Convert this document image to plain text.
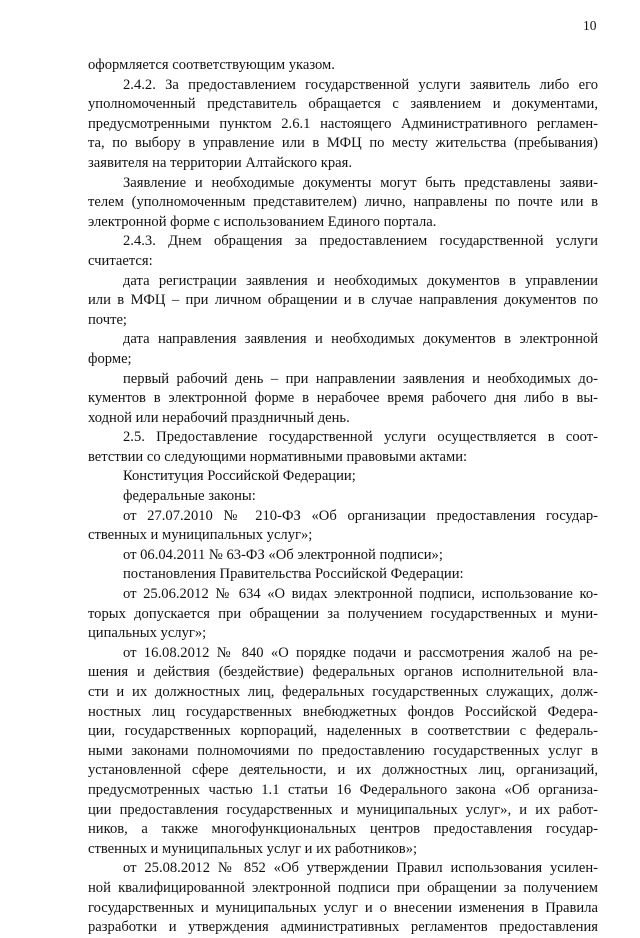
10
оформляется соответствующим указом.
2.4.2. За предоставлением государственной услуги заявитель либо его
уполномоченный представитель обращается с заявлением и документами,
предусмотренными пунктом 2.6.1 настоящего Административного регламен-
та, по выбору в управление или в МФЦ по месту жительства (пребывания)
заявителя на территории Алтайского края.
Заявление и необходимые документы могут быть представлены заяви-
телем (уполномоченным представителем) лично, направлены по почте или в
электронной форме с использованием Единого портала.
2.4.3. Днем обращения за предоставлением государственной услуги
считается:
дата регистрации заявления и необходимых документов в управлении
или в МФЦ – при личном обращении и в случае направления документов по
почте;
дата направления заявления и необходимых документов в электронной
форме;
первый рабочий день – при направлении заявления и необходимых до-
кументов в электронной форме в нерабочее время рабочего дня либо в вы-
ходной или нерабочий праздничный день.
2.5. Предоставление государственной услуги осуществляется в соот-
ветствии со следующими нормативными правовыми актами:
Конституция Российской Федерации;
федеральные законы:
от 27.07.2010 № 210-ФЗ «Об организации предоставления государ-
ственных и муниципальных услуг»;
от 06.04.2011 № 63-ФЗ «Об электронной подписи»;
постановления Правительства Российской Федерации:
от 25.06.2012 № 634 «О видах электронной подписи, использование ко-
торых допускается при обращении за получением государственных и муни-
ципальных услуг»;
от 16.08.2012 № 840 «О порядке подачи и рассмотрения жалоб на ре-
шения и действия (бездействие) федеральных органов исполнительной вла-
сти и их должностных лиц, федеральных государственных служащих, долж-
ностных лиц государственных внебюджетных фондов Российской Федера-
ции, государственных корпораций, наделенных в соответствии с федераль-
ными законами полномочиями по предоставлению государственных услуг в
установленной сфере деятельности, и их должностных лиц, организаций,
предусмотренных частью 1.1 статьи 16 Федерального закона «Об организа-
ции предоставления государственных и муниципальных услуг», и их работ-
ников, а также многофункциональных центров предоставления государ-
ственных и муниципальных услуг и их работников»;
от 25.08.2012 № 852 «Об утверждении Правил использования усилен-
ной квалифицированной электронной подписи при обращении за получением
государственных и муниципальных услуг и о внесении изменения в Правила
разработки и утверждения административных регламентов предоставления
